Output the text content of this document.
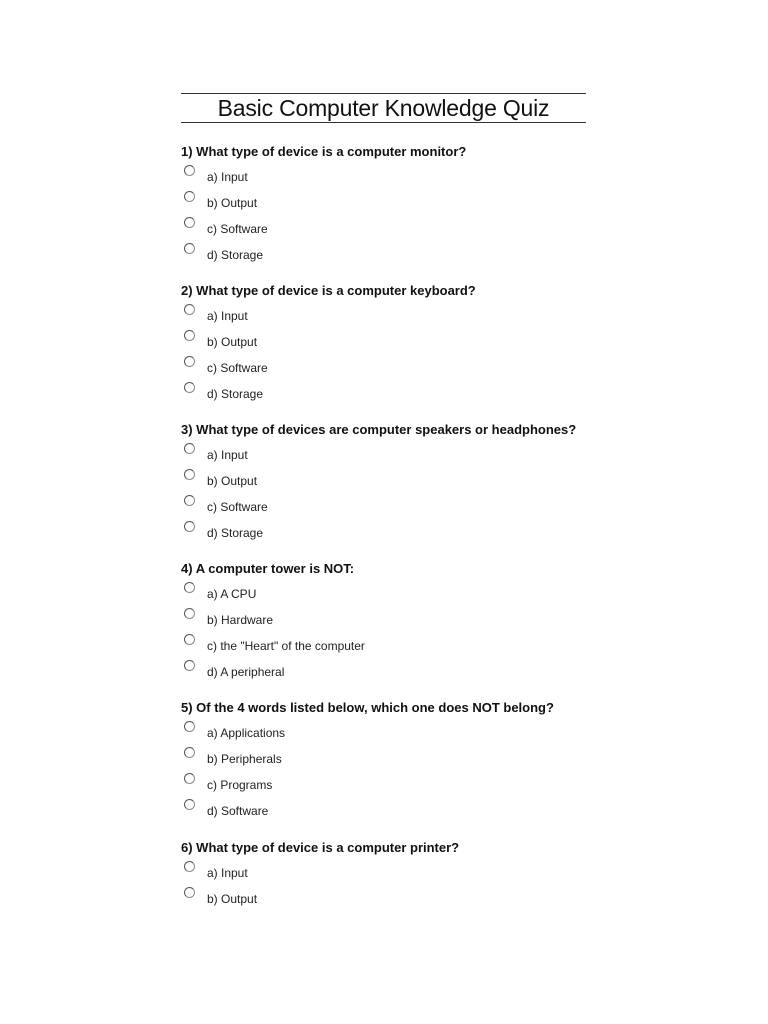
Basic Computer Knowledge Quiz
1) What type of device is a computer monitor?
a) Input
b) Output
c) Software
d) Storage
2) What type of device is a computer keyboard?
a) Input
b) Output
c) Software
d) Storage
3) What type of devices are computer speakers or headphones?
a) Input
b) Output
c) Software
d) Storage
4) A computer tower is NOT:
a) A CPU
b) Hardware
c) the "Heart" of the computer
d) A peripheral
5) Of the 4 words listed below, which one does NOT belong?
a) Applications
b) Peripherals
c) Programs
d) Software
6) What type of device is a computer printer?
a) Input
b) Output
